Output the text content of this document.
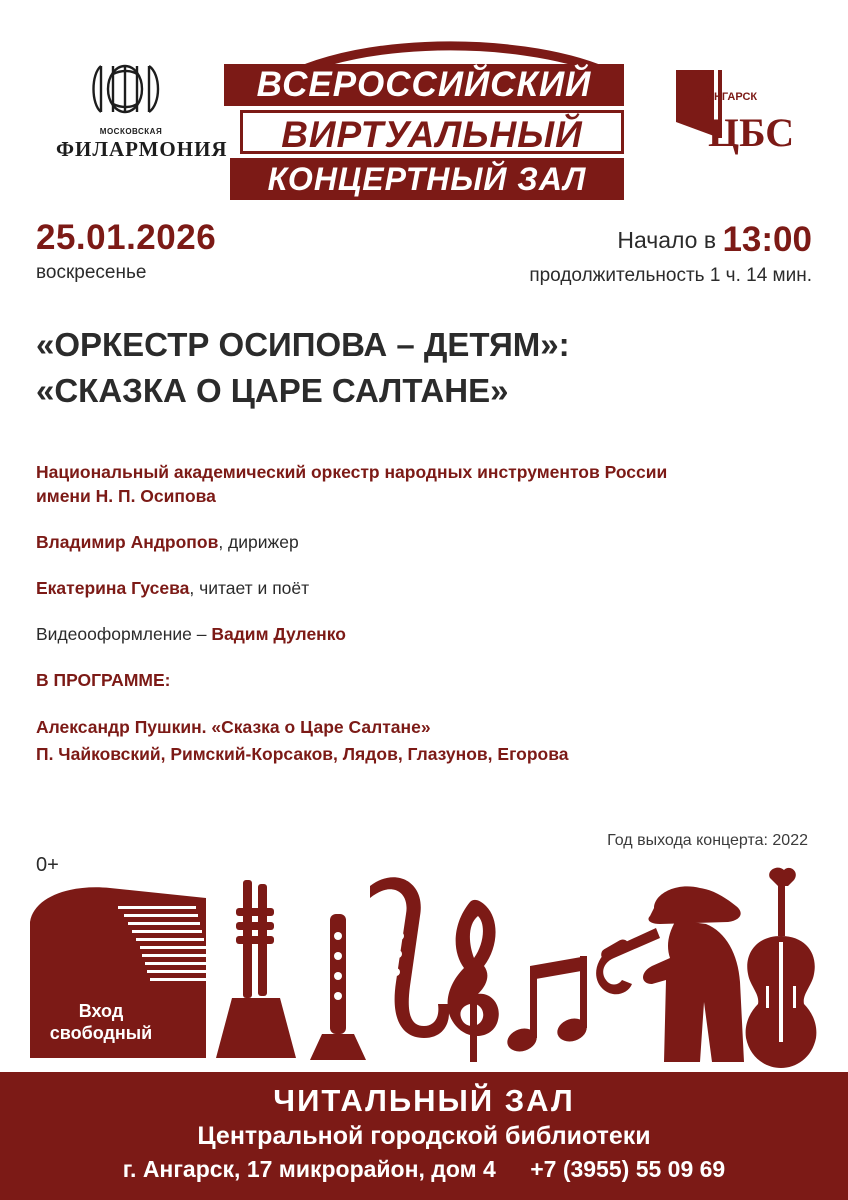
МОСКОВСКАЯ
ФИЛАРМОНИЯ
ВСЕРОССИЙСКИЙ
ВИРТУАЛЬНЫЙ
КОНЦЕРТНЫЙ ЗАЛ
АНГАРСК
ЦБС
25.01.2026
воскресенье
Начало в 13:00
продолжительность 1 ч. 14 мин.
«ОРКЕСТР ОСИПОВА – ДЕТЯМ»:
«СКАЗКА О ЦАРЕ САЛТАНЕ»

Национальный академический оркестр народных инструментов России
имени Н. П. Осипова

Владимир Андропов, дирижер

Екатерина Гусева, читает и поёт

Видеооформление – Вадим Дуленко

В ПРОГРАММЕ:

Александр Пушкин. «Сказка о Царе Салтане»
П. Чайковский, Римский-Корсаков, Лядов, Глазунов, Егорова

Год выхода концерта: 2022
0+
Вход
свободный
ЧИТАЛЬНЫЙ ЗАЛ
Центральной городской библиотеки
г. Ангарск, 17 микрорайон, дом 4 +7 (3955) 55 09 69
